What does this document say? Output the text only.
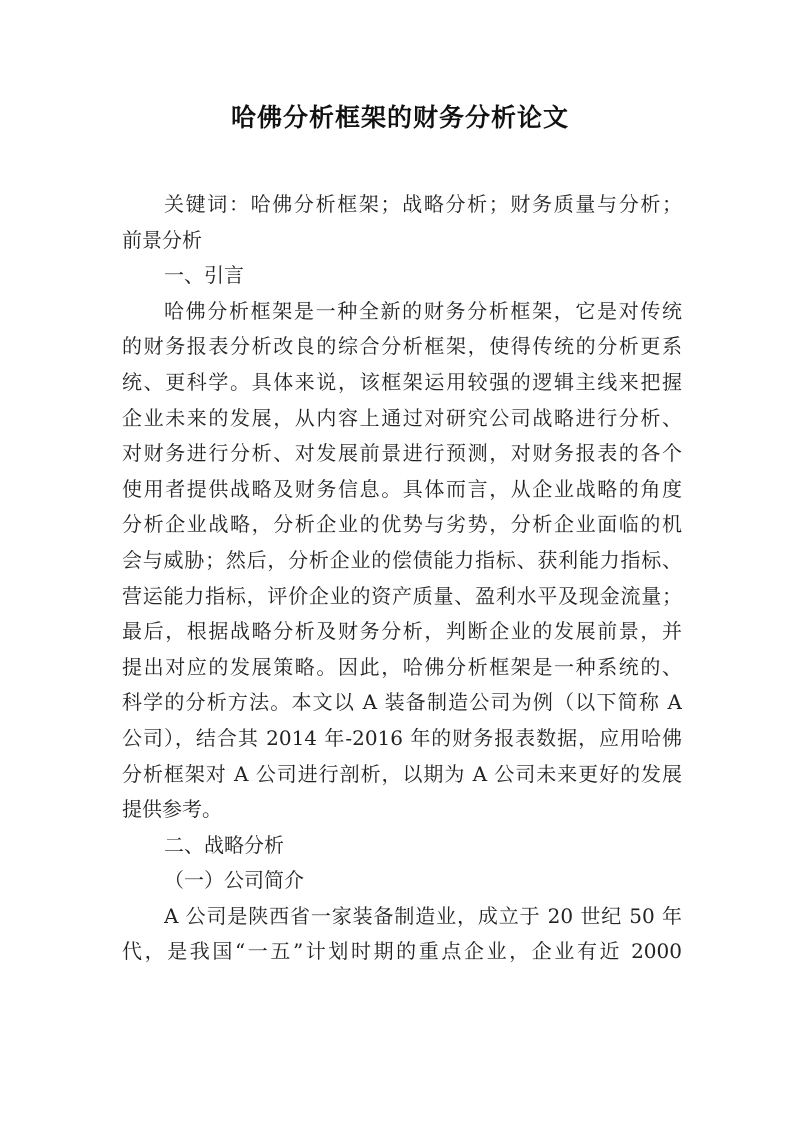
哈佛分析框架的财务分析论文
关键词：哈佛分析框架；战略分析；财务质量与分析；
前景分析
一、引言
哈佛分析框架是一种全新的财务分析框架，它是对传统
的财务报表分析改良的综合分析框架，使得传统的分析更系
统、更科学。具体来说，该框架运用较强的逻辑主线来把握
企业未来的发展，从内容上通过对研究公司战略进行分析、
对财务进行分析、对发展前景进行预测，对财务报表的各个
使用者提供战略及财务信息。具体而言，从企业战略的角度
分析企业战略，分析企业的优势与劣势，分析企业面临的机
会与威胁；然后，分析企业的偿债能力指标、获利能力指标、
营运能力指标，评价企业的资产质量、盈利水平及现金流量；
最后，根据战略分析及财务分析，判断企业的发展前景，并
提出对应的发展策略。因此，哈佛分析框架是一种系统的、
科学的分析方法。本文以 A 装备制造公司为例（以下简称 A
公司），结合其 2014 年-2016 年的财务报表数据，应用哈佛
分析框架对 A 公司进行剖析，以期为 A 公司未来更好的发展
提供参考。
二、战略分析
（一）公司简介
A 公司是陕西省一家装备制造业，成立于 20 世纪 50 年
代，是我国“一五”计划时期的重点企业，企业有近 2000
